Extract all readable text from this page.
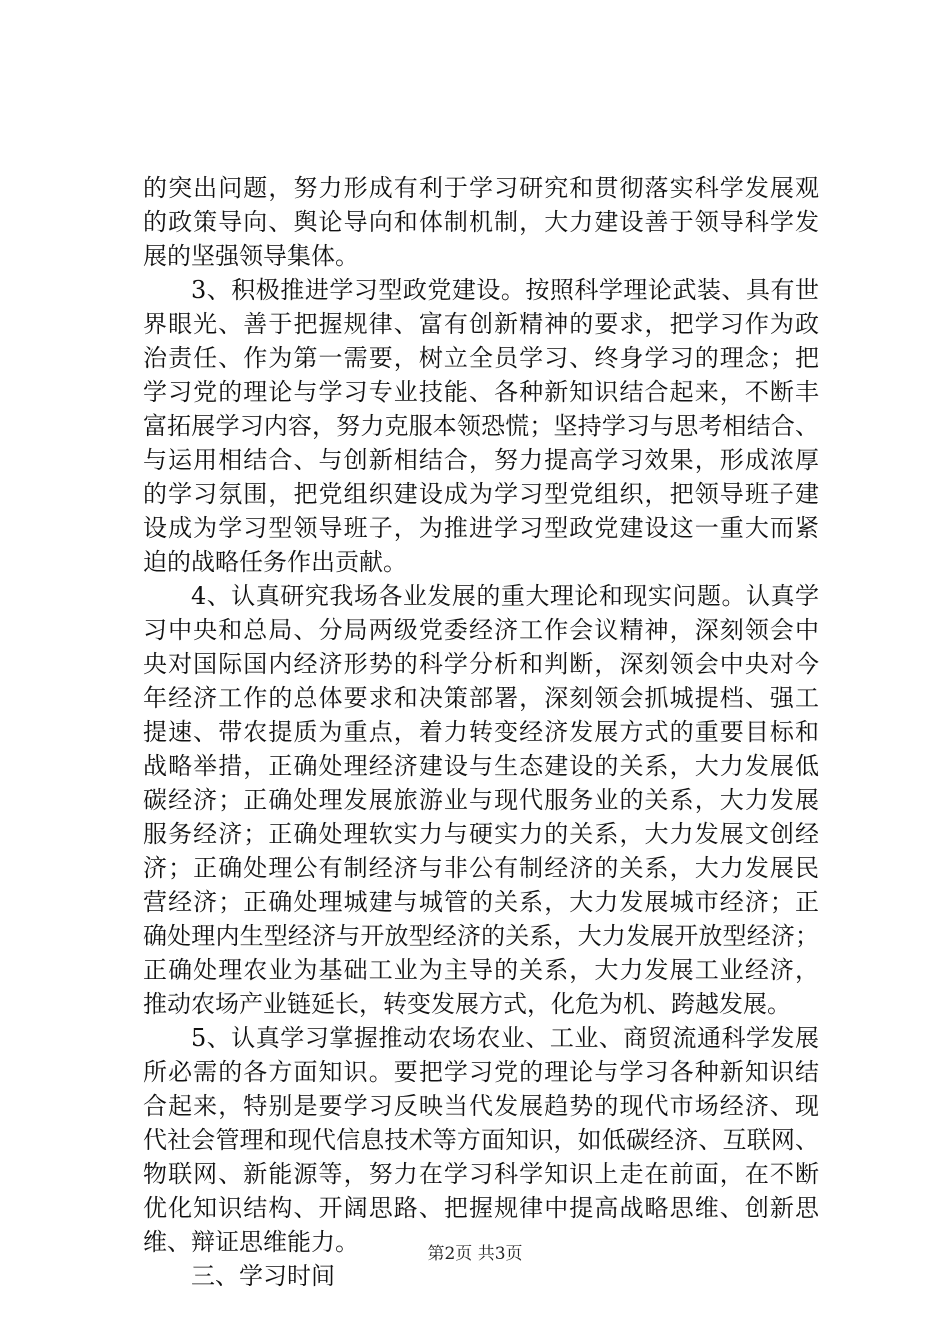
的突出问题，努力形成有利于学习研究和贯彻落实科学发展观
的政策导向、舆论导向和体制机制，大力建设善于领导科学发
展的坚强领导集体。
3、积极推进学习型政党建设。按照科学理论武装、具有世
界眼光、善于把握规律、富有创新精神的要求，把学习作为政
治责任、作为第一需要，树立全员学习、终身学习的理念；把
学习党的理论与学习专业技能、各种新知识结合起来，不断丰
富拓展学习内容，努力克服本领恐慌；坚持学习与思考相结合、
与运用相结合、与创新相结合，努力提高学习效果，形成浓厚
的学习氛围，把党组织建设成为学习型党组织，把领导班子建
设成为学习型领导班子，为推进学习型政党建设这一重大而紧
迫的战略任务作出贡献。
4、认真研究我场各业发展的重大理论和现实问题。认真学
习中央和总局、分局两级党委经济工作会议精神，深刻领会中
央对国际国内经济形势的科学分析和判断，深刻领会中央对今
年经济工作的总体要求和决策部署，深刻领会抓城提档、强工
提速、带农提质为重点，着力转变经济发展方式的重要目标和
战略举措，正确处理经济建设与生态建设的关系，大力发展低
碳经济；正确处理发展旅游业与现代服务业的关系，大力发展
服务经济；正确处理软实力与硬实力的关系，大力发展文创经
济；正确处理公有制经济与非公有制经济的关系，大力发展民
营经济；正确处理城建与城管的关系，大力发展城市经济；正
确处理内生型经济与开放型经济的关系，大力发展开放型经济；
正确处理农业为基础工业为主导的关系，大力发展工业经济，
推动农场产业链延长，转变发展方式，化危为机、跨越发展。
5、认真学习掌握推动农场农业、工业、商贸流通科学发展
所必需的各方面知识。要把学习党的理论与学习各种新知识结
合起来，特别是要学习反映当代发展趋势的现代市场经济、现
代社会管理和现代信息技术等方面知识，如低碳经济、互联网、
物联网、新能源等，努力在学习科学知识上走在前面，在不断
优化知识结构、开阔思路、把握规律中提高战略思维、创新思
维、辩证思维能力。
三、学习时间
第2页 共3页
